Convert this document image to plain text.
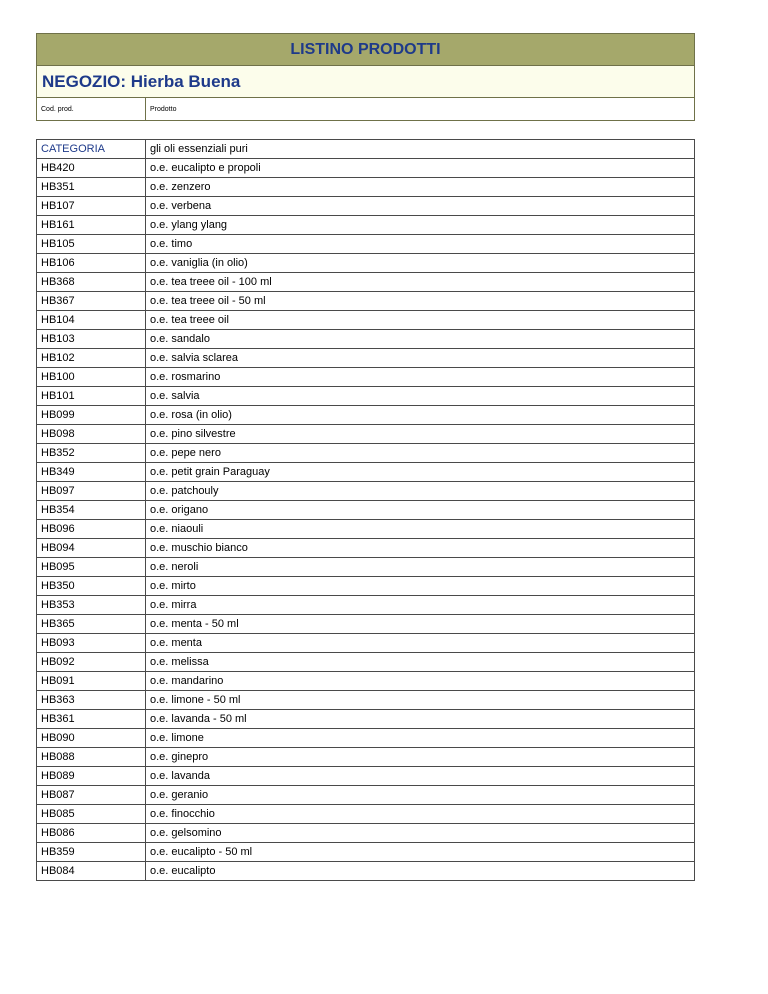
LISTINO PRODOTTI
NEGOZIO: Hierba Buena
Cod. prod.	Prodotto
CATEGORIA	gli oli essenziali puri
HB420	o.e. eucalipto e propoli
HB351	o.e. zenzero
HB107	o.e. verbena
HB161	o.e. ylang ylang
HB105	o.e. timo
HB106	o.e. vaniglia (in olio)
HB368	o.e. tea treee oil - 100 ml
HB367	o.e. tea treee oil - 50 ml
HB104	o.e. tea treee oil
HB103	o.e. sandalo
HB102	o.e. salvia sclarea
HB100	o.e. rosmarino
HB101	o.e. salvia
HB099	o.e. rosa (in olio)
HB098	o.e. pino silvestre
HB352	o.e. pepe nero
HB349	o.e. petit grain Paraguay
HB097	o.e. patchouly
HB354	o.e. origano
HB096	o.e. niaouli
HB094	o.e. muschio bianco
HB095	o.e. neroli
HB350	o.e. mirto
HB353	o.e. mirra
HB365	o.e. menta - 50 ml
HB093	o.e. menta
HB092	o.e. melissa
HB091	o.e. mandarino
HB363	o.e. limone - 50 ml
HB361	o.e. lavanda - 50 ml
HB090	o.e. limone
HB088	o.e. ginepro
HB089	o.e. lavanda
HB087	o.e. geranio
HB085	o.e. finocchio
HB086	o.e. gelsomino
HB359	o.e. eucalipto - 50 ml
HB084	o.e. eucalipto
